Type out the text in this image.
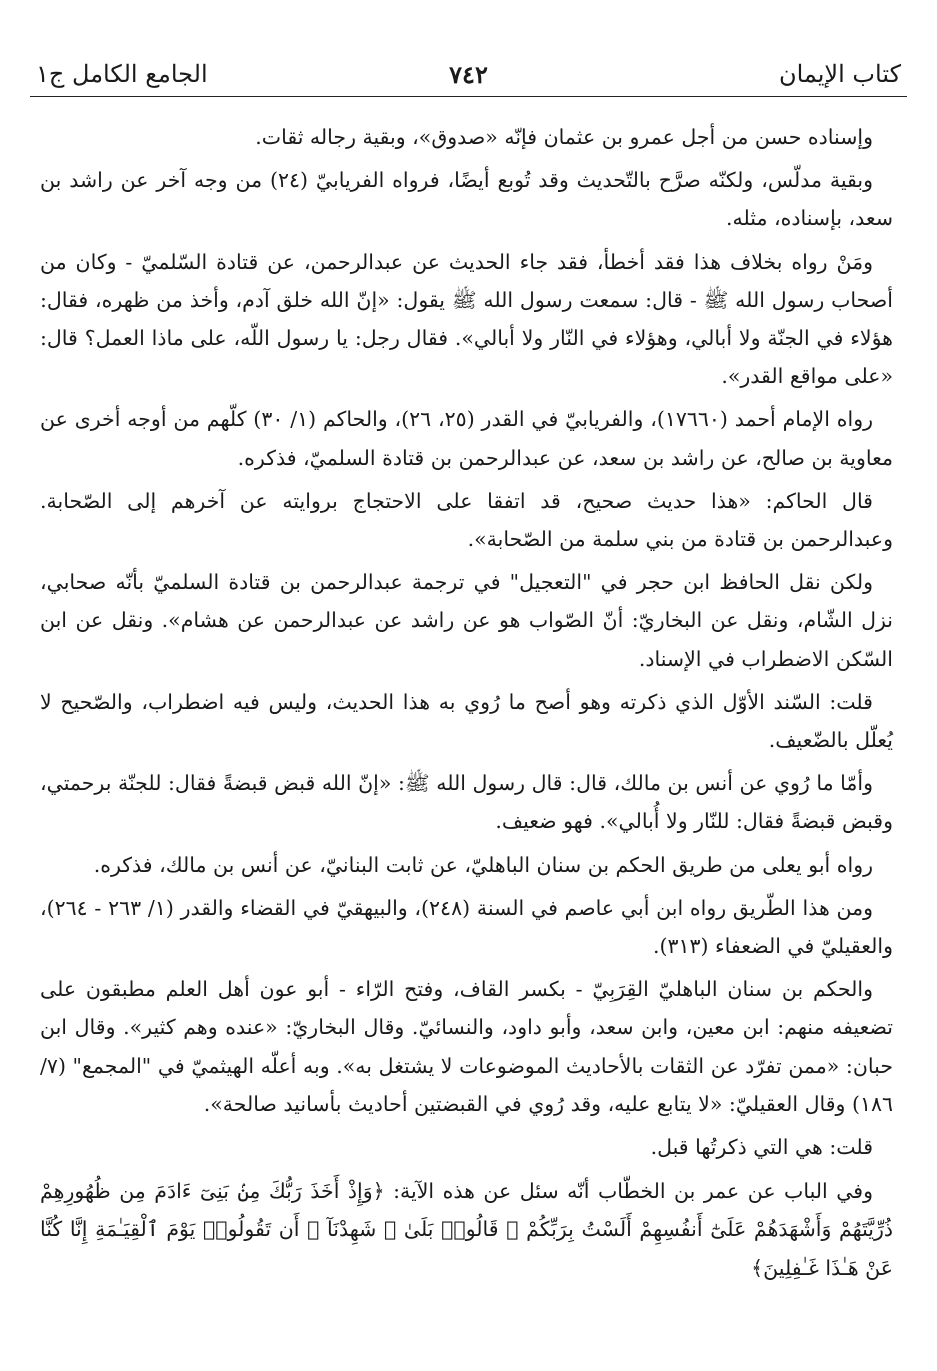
كتاب الإيمان
٧٤٢
الجامع الكامل ج١

وإسناده حسن من أجل عمرو بن عثمان فإنّه «صدوق»، وبقية رجاله ثقات.

وبقية مدلّس، ولكنّه صرَّح بالتّحديث وقد تُوبع أيضًا، فرواه الفريابيّ (٢٤) من وجه آخر عن راشد بن سعد، بإسناده، مثله.

ومَنْ رواه بخلاف هذا فقد أخطأ، فقد جاء الحديث عن عبدالرحمن، عن قتادة السّلميّ - وكان من أصحاب رسول الله ﷺ - قال: سمعت رسول الله ﷺ يقول: «إنّ الله خلق آدم، وأخذ من ظهره، فقال: هؤلاء في الجنّة ولا أبالي، وهؤلاء في النّار ولا أبالي». فقال رجل: يا رسول اللّه، على ماذا العمل؟ قال: «على مواقع القدر».

رواه الإمام أحمد (١٧٦٦٠)، والفريابيّ في القدر (٢٥، ٢٦)، والحاكم (١/ ٣٠) كلّهم من أوجه أخرى عن معاوية بن صالح، عن راشد بن سعد، عن عبدالرحمن بن قتادة السلميّ، فذكره.

قال الحاكم: «هذا حديث صحيح، قد اتفقا على الاحتجاج بروايته عن آخرهم إلى الصّحابة. وعبدالرحمن بن قتادة من بني سلمة من الصّحابة».

ولكن نقل الحافظ ابن حجر في "التعجيل" في ترجمة عبدالرحمن بن قتادة السلميّ بأنّه صحابي، نزل الشّام، ونقل عن البخاريّ: أنّ الصّواب هو عن راشد عن عبدالرحمن عن هشام». ونقل عن ابن السّكن الاضطراب في الإسناد.

قلت: السّند الأوّل الذي ذكرته وهو أصح ما رُوي به هذا الحديث، وليس فيه اضطراب، والصّحيح لا يُعلّل بالضّعيف.

وأمّا ما رُوي عن أنس بن مالك، قال: قال رسول الله ﷺ: «إنّ الله قبض قبضةً فقال: للجنّة برحمتي، وقبض قبضةً فقال: للنّار ولا أُبالي». فهو ضعيف.

رواه أبو يعلى من طريق الحكم بن سنان الباهليّ، عن ثابت البنانيّ، عن أنس بن مالك، فذكره.

ومن هذا الطّريق رواه ابن أبي عاصم في السنة (٢٤٨)، والبيهقيّ في القضاء والقدر (١/ ٢٦٣ - ٢٦٤)، والعقيليّ في الضعفاء (٣١٣).

والحكم بن سنان الباهليّ القِرَبِيّ - بكسر القاف، وفتح الرّاء - أبو عون أهل العلم مطبقون على تضعيفه منهم: ابن معين، وابن سعد، وأبو داود، والنسائيّ. وقال البخاريّ: «عنده وهم كثير». وقال ابن حبان: «ممن تفرّد عن الثقات بالأحاديث الموضوعات لا يشتغل به». وبه أعلّه الهيثميّ في "المجمع" (٧/ ١٨٦) وقال العقيليّ: «لا يتابع عليه، وقد رُوي في القبضتين أحاديث بأسانيد صالحة».

قلت: هي التي ذكرتُها قبل.

وفي الباب عن عمر بن الخطّاب أنّه سئل عن هذه الآية: ﴿وَإِذْ أَخَذَ رَبُّكَ مِنۢ بَنِىٓ ءَادَمَ مِن ظُهُورِهِمْ ذُرِّيَّتَهُمْ وَأَشْهَدَهُمْ عَلَىٰٓ أَنفُسِهِمْ أَلَسْتُ بِرَبِّكُمْ ۖ قَالُوا۟ بَلَىٰ ۛ شَهِدْنَآ ۛ أَن تَقُولُوا۟ يَوْمَ ٱلْقِيَـٰمَةِ إِنَّا كُنَّا عَنْ هَـٰذَا غَـٰفِلِينَ﴾
